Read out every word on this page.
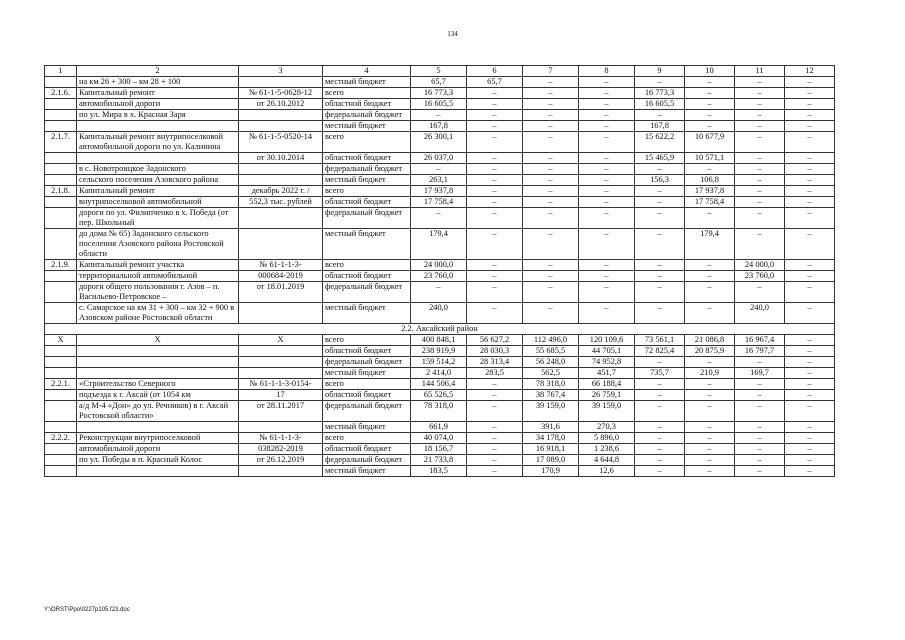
134
1	2	3	4	5	6	7	8	9	10	11	12
	на км 26 + 300 – км 28 + 100		местный бюджет	65,7	65,7	–	–	–	–	–	–
2.1.6.	Капитальный ремонт	№ 61-1-5-0628-12	всего	16 773,3	–	–	–	16 773,3	–	–	–
	автомобильной дороги	от 26.10.2012	областной бюджет	16 605,5	–	–	–	16 605,5	–	–	–
	по ул. Мира в х. Красная Заря		федеральный бюджет	–	–	–	–	–	–	–	–
			местный бюджет	167,8	–	–	–	167,8	–	–	–
2.1.7.	Капитальный ремонт внутрипоселковой автомобильной дороги по ул. Калинина	№ 61-1-5-0520-14	всего	26 300,1	–	–	–	15 622,2	10 677,9	–	–
		от 30.10.2014	областной бюджет	26 037,0	–	–	–	15 465,9	10 571,1	–	–
	в с. Новотроицкое Задонского		федеральный бюджет	–	–	–	–	–	–	–	–
	сельского поселения Азовского района		местный бюджет	263,1	–	–	–	156,3	106,8	–	–
2.1.8.	Капитальный ремонт	декабрь 2022 г. /	всего	17 937,8	–	–	–	–	17 937,8	–	–
	внутрипоселковой автомобильной	552,3 тыс. рублей	областной бюджет	17 758,4	–	–	–	–	17 758,4	–	–
	дороги по ул. Филипченко в х. Победа (от пер. Школьный		федеральный бюджет	–	–	–	–	–	–	–	–
	до дома № 65) Задонского сельского поселения Азовского района Ростовской области		местный бюджет	179,4	–	–	–	–	179,4	–	–
2.1.9.	Капитальный ремонт участка	№ 61-1-1-3-	всего	24 000,0	–	–	–	–	–	24 000,0	–
	территориальной автомобильной	000684-2019	областной бюджет	23 760,0	–	–	–	–	–	23 760,0	–
	дороги общего пользования г. Азов – п. Васильево-Петровское –	от 18.01.2019	федеральный бюджет	–	–	–	–	–	–	–	–
	с. Самарское на км 31 + 300 – км 32 + 900 в Азовском районе Ростовской области		местный бюджет	240,0	–	–	–	–	–	240,0	–
2.2. Аксайский район											
Х	Х	Х	всего	400 848,1	56 627,2	112 496,0	120 109,6	73 561,1	21 086,8	16 967,4	–
			областной бюджет	238 919,9	28 030,3	55 685,5	44 705,1	72 825,4	20 875,9	16 797,7	–
			федеральный бюджет	159 514,2	28 313,4	56 248,0	74 952,8	–	–	–	–
			местный бюджет	2 414,0	283,5	562,5	451,7	735,7	210,9	169,7	–
2.2.1.	«Строительство Северного	№ 61-1-1-3-0154-	всего	144 506,4	–	78 318,0	66 188,4	–	–	–	–
	подъезда к г. Аксай (от 1054 км	17	областной бюджет	65 526,5	–	38 767,4	26 759,1	–	–	–	–
	а/д М-4 «Дон» до ул. Речников) в г. Аксай Ростовской области»	от 28.11.2017	федеральный бюджет	78 318,0	–	39 159,0	39 159,0	–	–	–	–
			местный бюджет	661,9	–	391,6	270,3	–	–	–	–
2.2.2.	Реконструкция внутрипоселковой	№ 61-1-1-3-	всего	40 074,0	–	34 178,0	5 896,0	–	–	–	–
	автомобильной дороги	038282-2019	областной бюджет	18 156,7	–	16 918,1	1 238,6	–	–	–	–
	по ул. Победы в п. Красный Колос	от 26.12.2019	федеральный бюджет	21 733,8	–	17 089,0	4 644,8	–	–	–	–
			местный бюджет	183,5	–	170,9	12,6	–	–	–	–
Y:\ORST\Ppo\0227p105.f23.doc
